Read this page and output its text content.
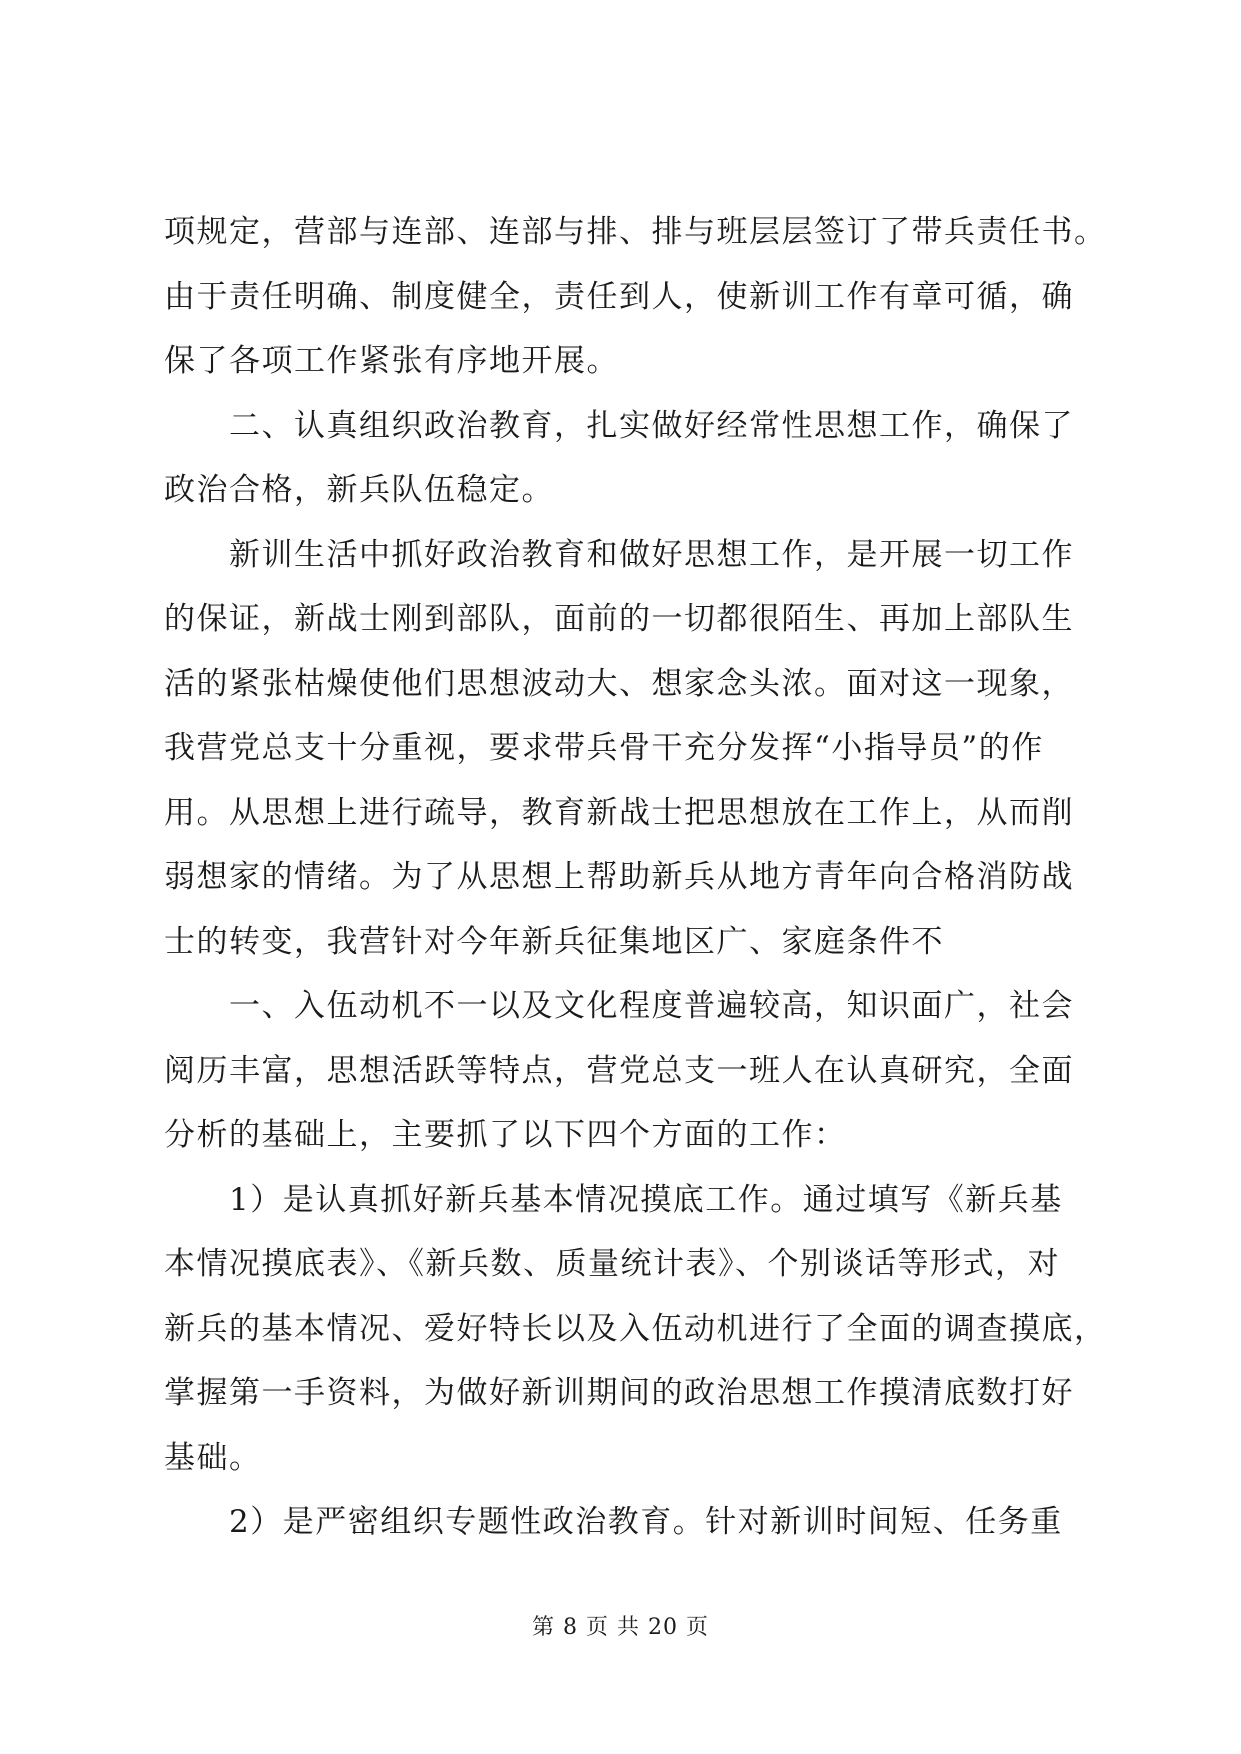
项规定，营部与连部、连部与排、排与班层层签订了带兵责任书。
由于责任明确、制度健全，责任到人，使新训工作有章可循，确
保了各项工作紧张有序地开展。
　　二、认真组织政治教育，扎实做好经常性思想工作，确保了
政治合格，新兵队伍稳定。
　　新训生活中抓好政治教育和做好思想工作，是开展一切工作
的保证，新战士刚到部队，面前的一切都很陌生、再加上部队生
活的紧张枯燥使他们思想波动大、想家念头浓。面对这一现象，
我营党总支十分重视，要求带兵骨干充分发挥“小指导员”的作
用。从思想上进行疏导，教育新战士把思想放在工作上，从而削
弱想家的情绪。为了从思想上帮助新兵从地方青年向合格消防战
士的转变，我营针对今年新兵征集地区广、家庭条件不
　　一、入伍动机不一以及文化程度普遍较高，知识面广，社会
阅历丰富，思想活跃等特点，营党总支一班人在认真研究，全面
分析的基础上，主要抓了以下四个方面的工作：
　　1）是认真抓好新兵基本情况摸底工作。通过填写《新兵基
本情况摸底表》、《新兵数、质量统计表》、个别谈话等形式，对
新兵的基本情况、爱好特长以及入伍动机进行了全面的调查摸底，
掌握第一手资料，为做好新训期间的政治思想工作摸清底数打好
基础。
　　2）是严密组织专题性政治教育。针对新训时间短、任务重
第 8 页 共 20 页
